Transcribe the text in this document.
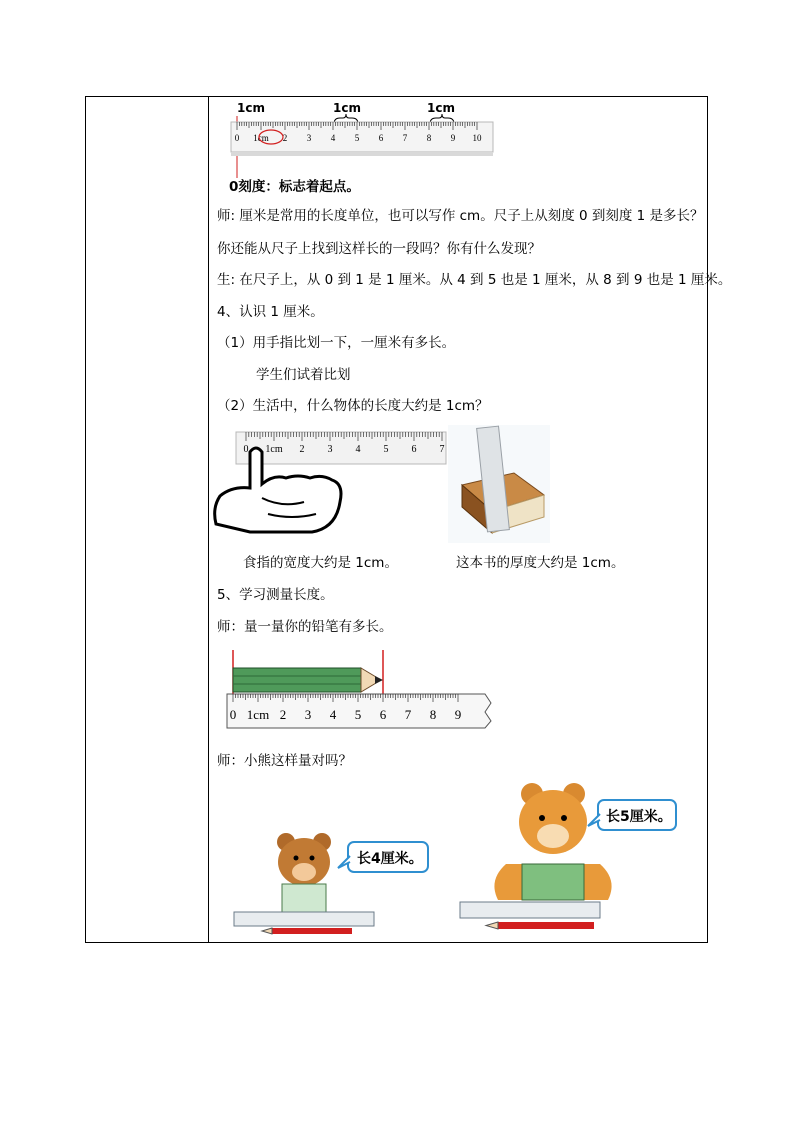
1cm	1cm	1cm
0 1cm 2 3 4 5 6 7 8 9 10
0刻度：标志着起点。
师: 厘米是常用的长度单位，也可以写作 cm。尺子上从刻度 0 到刻度 1 是多长？
你还能从尺子上找到这样长的一段吗？你有什么发现？
生: 在尺子上，从 0 到 1 是 1 厘米。从 4 到 5 也是 1 厘米，从 8 到 9 也是 1 厘米。
4、认识 1 厘米。
（1）用手指比划一下，一厘米有多长。
学生们试着比划
（2）生活中，什么物体的长度大约是 1cm？
0 1cm 2 3 4 5 6 7
食指的宽度大约是 1cm。	这本书的厚度大约是 1cm。
5、学习测量长度。
师：量一量你的铅笔有多长。
0 1cm 2 3 4 5 6 7 8 9
师：小熊这样量对吗？
长4厘米。
长5厘米。
